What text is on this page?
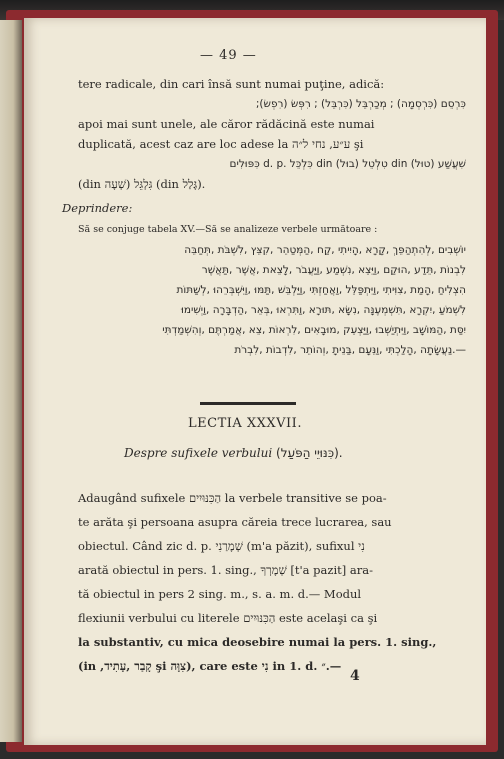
— 49 —
tere radicale, din cari însă sunt numai puţine, adică:
כִּרְסֵם (כִּרְסְמָה) ; מְכַרְבֵּל (כִּרְבֵּל) ; רִפְּשׂ (רִפְשׂ);
apoi mai sunt unele, ale căror rădăcină este numai
duplicată, acest caz are loc adese la ע״ע, נחי ל״ה şi
שִׁעֲשַׁע (טוּל) din טִלְטֵל (בוּל) din כִּלְכֵּל .d. p כִּפּוּלִים
(din שְׁעָה) גִּלְגֵּל (din גָּלַל).
Deprindere:
Să se conjuge tabela XV.—Să se analizeze verbele următoare :
יוֹשְׁבִים ,לְהִתְהַפֵּךְ ,קָרָא ,הָיִיתִי ,קַח ,הַמְּטַהֵר ,קִצֵּץ ,לִשְׁבֹּת ,תְּחַבֵּה
לִבְנוֹת ,תֵּדַע ,הוּקַם ,וַיֵּצֵא ,נִשְׁמַע ,וַיַּעֲבֹר ,לָצֵאת ,אֲשֶׁר ,תַּאֲשֶׁר
הִצְלִיחַ ,הָמַת ,צִוִּיתִי ,וַיִּתְפַּלֵּל ,וַאֲחַזְתִּי ,וַיַּלְבֵּשׁ ,תַּמּוּ ,וַיִּשְׁבְּרֵהוּ ,לְשַׁתּוֹת
לִשְׁמֹעַ ,יִקְרָא ,תִּשְׁמְעֶנָּה ,נִשָּׂא ,תּוּרָא ,וַתִּרְאוּ ,בְּאֵר ,הַדְבָּרָה ,וַיְשִׁימוּ
יִסַּת ,הַמּוֹשָׁב ,וַיִּתְיַשְּׁבוּ ,וַיַּצְעֵק ,מוּבָאִים ,לִרְאוֹת ,צֵא ,אֲמַרְתֶּם ,וְהִשְׁמַדְתִּי
—.נַעֲשָׂתָה ,הָלַכְתִּי ,וַנֵּעָם ,בַּנֵיתָ ,וְהוֹתֵר ,לִדְבוֹת ,לִבְרֹת
LECTIA XXXVII.
Despre sufixele verbului (כִּנּוּיֵי הַפֹּעַל).
Adaugând sufixele הַכִּנּוּיִים la verbele transitive se poa-
te arăta şi persoana asupra căreia trece lucrarea, sau
obiectul. Când zic d. p. שְׁמָרַנִי (m'a păzit), sufixul נִי
arată obiectul in pers. 1. sing., שְׁמָרְךָ [t'a pazit] ara-
tă obiectul in pers 2 sing. m., s. a. m. d.— Modul
flexiunii verbului cu literele הַכִּנּוּיִים este acelaşi ca şi
la substantiv, cu mica deosebire numai la pers. 1. sing.,
(in ,קָבַר ,עָתִיד şi צִוָּה), care este נִי in 1. d. ״.—
4
